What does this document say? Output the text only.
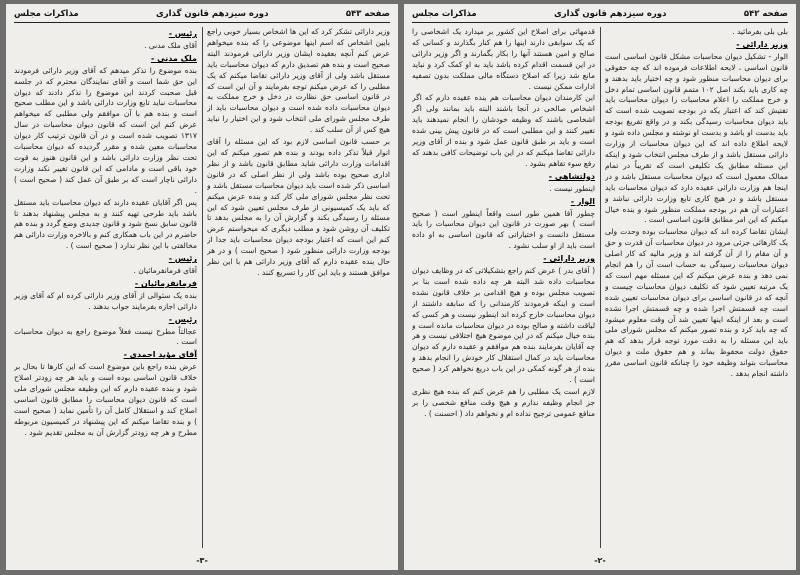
صفحه ۵۴۲
دوره سیزدهم قانون گذاری
مذاکرات مجلس

بلی بلی بفرمائید .

وزیر دارائی -

الوار - تشکیل دیوان محاسبات مشکل قانون اساسی است قانون اساسی ، لایحه اطلاعات فرموده اند که چه حقوقی برای دیوان محاسبات منظور شود و چه اختیار باید بدهند و چه کاری باید بکند اصل ۱۰۲ متمم قانون اساسی تمام دخل و خرج مملکت را اعلام محاسبات را دیوان محاسبات باید تفتیش کند که اعتبار یکه در بودجه تصویب شده است که باید دیوان محاسبات رسیدگی بکند و در واقع تفریغ بودجه باید بدست او باشد و بدست او نوشته و مجلس داده شود و لایحه اطلاع داده اند که این دیوان محاسبات از وزارت دارائی مستقل باشد و از طرف مجلس انتخاب شود و اینکه این مسئله مطابق یک تکلیفی است که تقریباً در تمام ممالک معمول است که دیوان محاسبات مستقل باشد و در اینجا هم وزارت دارائی عقیده دارد که دیوان محاسبات باید مستقل باشد و در هیچ کاری تابع وزارت دارائی نباشد و اعتبارات آن هم در بودجه مملکت منظور شود و بنده خیال میکنم که این امر مطابق قانون اساسی است .

ایشان تقاضا کرده اند که دیوان محاسبات بوده وحدت ولی یک کارهائی جزئی مرود در دیوان محاسبات آن قدرت و حق و آن مقام را از آن گرفته اند و وزیر مالیه که کار اصلی دیوان محاسبات رسیدگی به حساب است آن را هم انجام نمی دهد و بنده عرض میکنم که این مسئله مهم است که یک مرتبه تعیین شود که تکلیف دیوان محاسبات چیست و آنچه که در قانون اساسی برای دیوان محاسبات تعیین شده است چه قسمتش اجرا شده و چه قسمتش اجرا نشده است و بعد از اینکه اینها تعیین شد آن وقت معلوم میشود که چه باید کرد و بنده تصور میکنم که مجلس شورای ملی باید این مسئله را به دقت مورد توجه قرار بدهد که هم حقوق دولت محفوظ بماند و هم حقوق ملت و دیوان محاسبات بتواند وظیفه خود را چنانکه قانون اساسی مقرر داشته انجام بدهد .

قدمهائی برای اصلاح این کشور بر میدارد یک اشخاصی را که یک سوابقی دارند اینها را هم کنار بگذارند و کسانی که صالح و امین هستند آنها را بکار بگمارند و اگر وزیر دارائی در این قسمت اقدام کرده باشد باید به او کمک کرد و نباید مانع شد زیرا که اصلاح دستگاه مالی مملکت بدون تصفیه ادارات ممکن نیست .

این کارمندان دیوان محاسبات هم بنده عقیده دارم که اگر اشخاص صالحی در آنجا باشند البته باید بمانند ولی اگر اشخاصی باشند که وظیفه خودشان را انجام نمیدهند باید تغییر کنند و این مطلبی است که در قانون پیش بینی شده است و باید بر طبق قانون عمل شود و بنده از آقای وزیر دارائی تقاضا میکنم که در این باب توضیحات کافی بدهند که رفع سوء تفاهم بشود .

دولتشاهی -

اینطور نیست .

الوار -

چطور آقا همین طور است واقعاً اینطور است ( صحیح است ) بهر صورت در قانون این دیوان محاسبات را باید مستقل دانست و اختیاراتی که قانون اساسی به او داده است باید از او سلب نشود .

وزیر دارائی -

( آقای بدر ) عرض کنم راجع بتشکیلاتی که در وظایف دیوان محاسبات داده شد البته هر چه داده شده است بنا بر تصویب مجلس بوده و هیچ اقدامی بر خلاف قانون نشده است و اینکه فرمودند کارمندانی را که سابقه داشتند از دیوان محاسبات خارج کرده اند اینطور نیست و هر کسی که لیاقت داشته و صالح بوده در دیوان محاسبات مانده است و بنده خیال میکنم که در این موضوع هیچ اختلافی نیست و هر چه آقایان بفرمایند بنده هم موافقم و عقیده دارم که دیوان محاسبات باید در کمال استقلال کار خودش را انجام بدهد و بنده از هر گونه کمکی در این باب دریغ نخواهم کرد ( صحیح است ) .

لازم است یک مطلبی را هم عرض کنم که بنده هیچ نظری جز انجام وظیفه ندارم و هیچ وقت منافع شخصی را بر منافع عمومی ترجیح نداده ام و نخواهم داد ( احسنت ) .

-۲-
صفحه ۵۴۳
دوره سیزدهم قانون گذاری
مذاکرات مجلس

وزیر دارائی تشکر کرد که این ها اشخاص بسیار خوبی راجع بایین اشخاص که اسم اینها موضوعی را که بنده میخواهم عرض کنم آنچه بعقیده ایشان وزیر دارائی فرمودند البته صحیح است و بنده هم تصدیق دارم که دیوان محاسبات باید مستقل باشد ولی از آقای وزیر دارائی تقاضا میکنم که یک مطلبی را که عرض میکنم توجه بفرمایند و آن این است که در قانون اساسی حق نظارت در دخل و خرج مملکت به دیوان محاسبات داده شده است و دیوان محاسبات باید از طرف مجلس شورای ملی انتخاب شود و این اختیار را نباید هیچ کس از آن سلب کند .

بر حسب قانون اساسی لازم بود که این مسئله را آقای انوار قبلاً تذکر داده بودند و بنده هم تصور میکنم که این اقدامات وزارت دارائی شاید مطابق قانون باشد و از نظر اداری صحیح بوده باشد ولی از نظر اصلی که در قانون اساسی ذکر شده است باید دیوان محاسبات مستقل باشد و تحت نظر مجلس شورای ملی کار کند و بنده عرض میکنم که باید یک کمیسیونی از طرف مجلس تعیین شود که این مسئله را رسیدگی بکند و گزارش آن را به مجلس بدهد تا تکلیف آن روشن شود و مطلب دیگری که میخواستم عرض کنم این است که اعتبار بودجه دیوان محاسبات باید جدا از بودجه وزارت دارائی منظور شود ( صحیح است ) و در هر حال بنده عقیده دارم که آقای وزیر دارائی هم با این نظر موافق هستند و باید این کار را تسریع کنند .

رئیس -

آقای ملک مدنی .

ملک مدنی -

بنده موضوع را تذکر میدهم که آقای وزیر دارائی فرمودند این حق شما است و آقای نمایندگان محترم که در جلسه قبل صحبت کردند این موضوع را تذکر دادند که دیوان محاسبات نباید تابع وزارت دارائی باشد و این مطلب صحیح است و بنده هم با آن موافقم ولی مطلبی که میخواهم عرض کنم این است که قانون دیوان محاسبات در سال ۱۳۱۷ تصویب شده است و در آن قانون ترتیب کار دیوان محاسبات معین شده و مقرر گردیده که دیوان محاسبات تحت نظر وزارت دارائی باشد و این قانون هنوز به قوت خود باقی است و مادامی که این قانون تغییر نکند وزارت دارائی ناچار است که بر طبق آن عمل کند ( صحیح است ) .

پس اگر آقایان عقیده دارند که دیوان محاسبات باید مستقل باشد باید طرحی تهیه کنند و به مجلس پیشنهاد بدهند تا قانون سابق نسخ شود و قانون جدیدی وضع گردد و بنده هم حاضرم در این باب همکاری کنم و بالاخره وزارت دارائی هم مخالفتی با این نظر ندارد ( صحیح است ) .

رئیس -

آقای فرمانفرمائیان .

فرمانفرمائیان -

بنده یک سئوالی از آقای وزیر دارائی کرده ام که آقای وزیر دارائی اجازه بفرمایند جواب بدهند .

رئیس -

عجالتاً مطرح نیست فعلاً موضوع راجع به دیوان محاسبات است .

آقای مؤید احمدی -

عرض بنده راجع باین موضوع است که این کارها تا بحال بر خلاف قانون اساسی بوده است و باید هر چه زودتر اصلاح شود و بنده عقیده دارم که این وظیفه مجلس شورای ملی است که قانون دیوان محاسبات را مطابق قانون اساسی اصلاح کند و استقلال کامل آن را تأمین نماید ( صحیح است ) و بنده تقاضا میکنم که این پیشنهاد در کمیسیون مربوطه مطرح و هر چه زودتر گزارش آن به مجلس تقدیم شود .

-۳-
